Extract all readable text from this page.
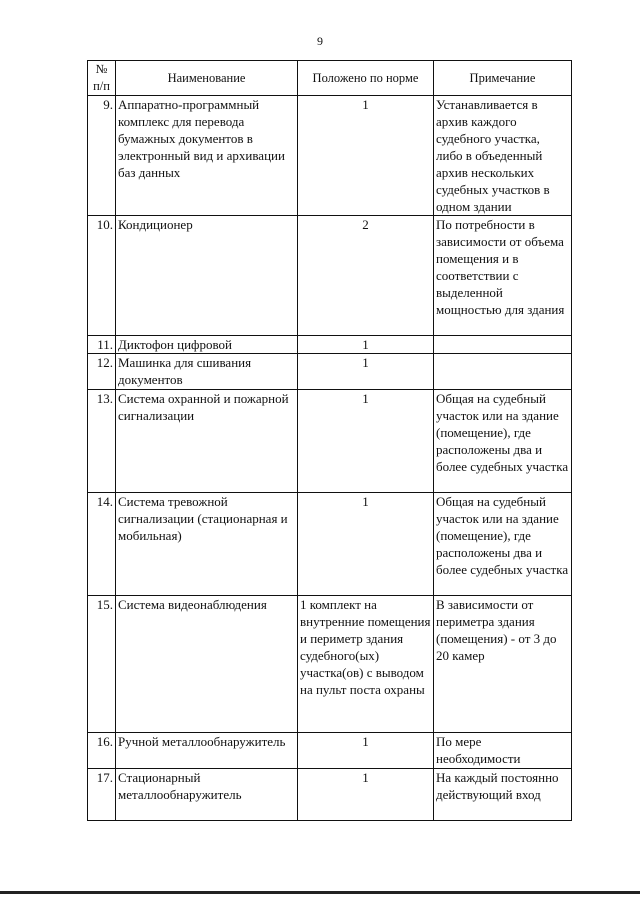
9
№ п/п	Наименование	Положено по норме	Примечание
9.	Аппаратно-программный комплекс для перевода бумажных документов в электронный вид и архивации баз данных	1	Устанавливается в архив каждого судебного участка, либо в объеденный архив нескольких судебных участков в одном здании
10.	Кондиционер	2	По потребности в зависимости от объема помещения и в соответствии с выделенной мощностью для здания
11.	Диктофон цифровой	1	
12.	Машинка для сшивания документов	1	
13.	Система охранной и пожарной сигнализации	1	Общая на судебный участок или на здание (помещение), где расположены два и более судебных участка
14.	Система тревожной сигнализации (стационарная и мобильная)	1	Общая на судебный участок или на здание (помещение), где расположены два и более судебных участка
15.	Система видеонаблюдения	1 комплект на внутренние помещения и периметр здания судебного(ых) участка(ов) с выводом на пульт поста охраны	В зависимости от периметра здания (помещения) - от 3 до 20 камер
16.	Ручной металлообнаружитель	1	По мере необходимости
17.	Стационарный металлообнаружитель	1	На каждый постоянно действующий вход
